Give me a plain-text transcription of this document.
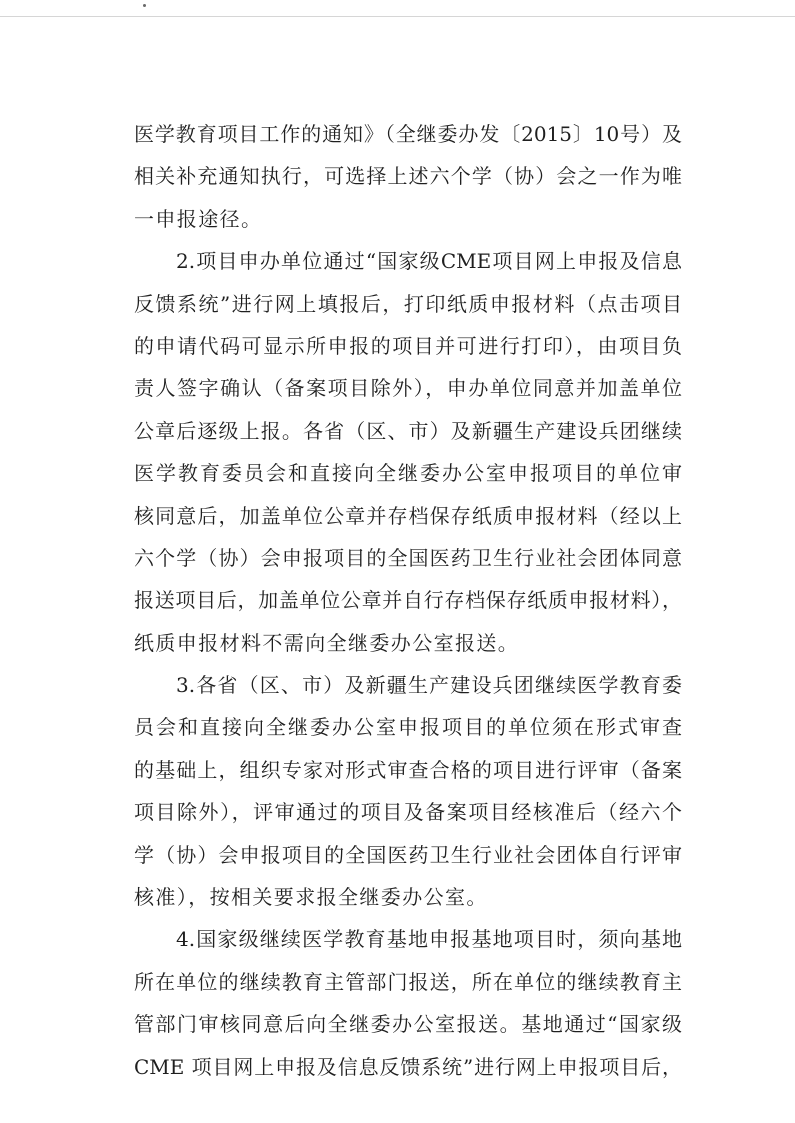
医学教育项目工作的通知》（全继委办发〔2015〕10号）及
相关补充通知执行，可选择上述六个学（协）会之一作为唯
一申报途径。
2.项目申办单位通过“国家级CME项目网上申报及信息
反馈系统”进行网上填报后，打印纸质申报材料（点击项目
的申请代码可显示所申报的项目并可进行打印），由项目负
责人签字确认（备案项目除外），申办单位同意并加盖单位
公章后逐级上报。各省（区、市）及新疆生产建设兵团继续
医学教育委员会和直接向全继委办公室申报项目的单位审
核同意后，加盖单位公章并存档保存纸质申报材料（经以上
六个学（协）会申报项目的全国医药卫生行业社会团体同意
报送项目后，加盖单位公章并自行存档保存纸质申报材料），
纸质申报材料不需向全继委办公室报送。
3.各省（区、市）及新疆生产建设兵团继续医学教育委
员会和直接向全继委办公室申报项目的单位须在形式审查
的基础上，组织专家对形式审查合格的项目进行评审（备案
项目除外），评审通过的项目及备案项目经核准后（经六个
学（协）会申报项目的全国医药卫生行业社会团体自行评审
核准），按相关要求报全继委办公室。
4.国家级继续医学教育基地申报基地项目时，须向基地
所在单位的继续教育主管部门报送，所在单位的继续教育主
管部门审核同意后向全继委办公室报送。基地通过“国家级
CME 项目网上申报及信息反馈系统”进行网上申报项目后，
